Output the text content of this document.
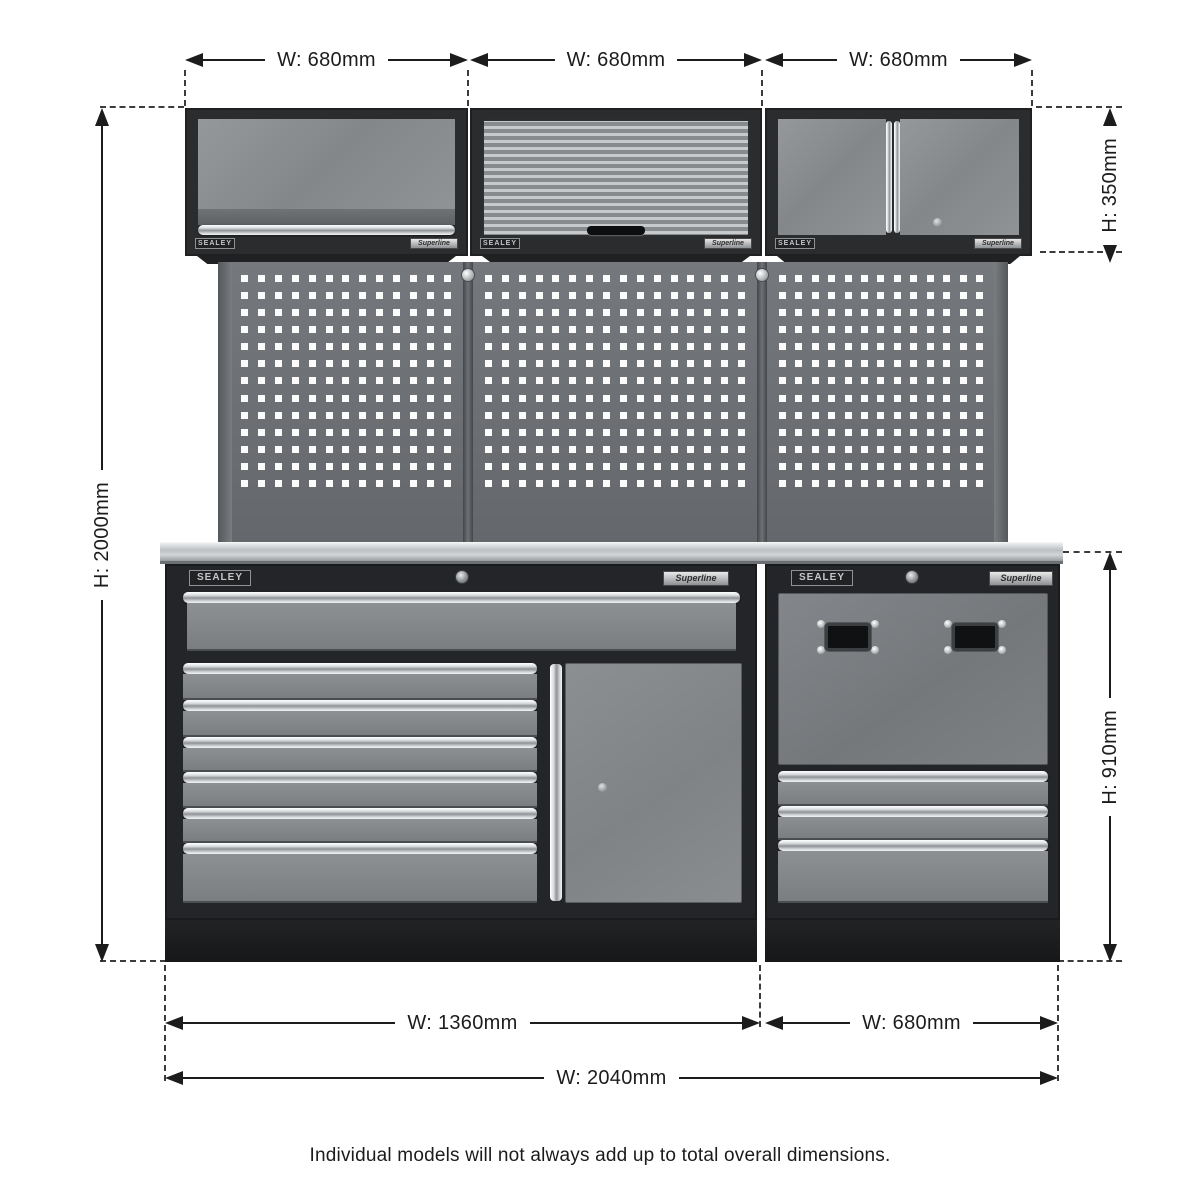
W: 680mm	W: 680mm	W: 680mm
H: 2000mm
H: 350mm
H: 910mm
SEALEY	Superline	SEALEY	Superline	SEALEY	Superline
SEALEY	Superline	SEALEY	Superline
W: 1360mm	W: 680mm
W: 2040mm
Individual models will not always add up to total overall dimensions.
